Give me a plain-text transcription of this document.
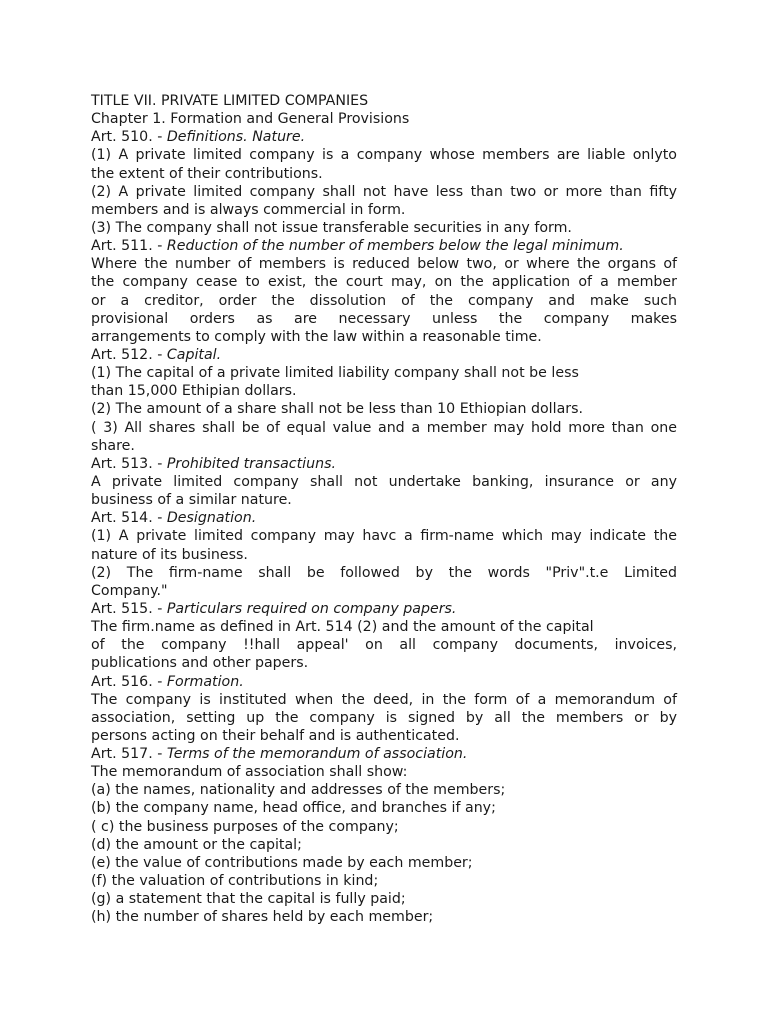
TITLE VII. PRIVATE LIMITED COMPANIES
Chapter 1. Formation and General Provisions
Art. 510. - Definitions. Nature.
(1) A private limited company is a company whose members are liable onlyto
the extent of their contributions.
(2) A private limited company shall not have less than two or more than fifty
members and is always commercial in form.
(3) The company shall not issue transferable securities in any form.
Art. 511. - Reduction of the number of members below the legal minimum.
Where the number of members is reduced below two, or where the organs of
the company cease to exist, the court may, on the application of a member
or a creditor, order the dissolution of the company and make such
provisional orders as are necessary unless the company makes
arrangements to comply with the law within a reasonable time.
Art. 512. - Capital.
(1) The capital of a private limited liability company shall not be less
than 15,000 Ethipian dollars.
(2) The amount of a share shall not be less than 10 Ethiopian dollars.
( 3) All shares shall be of equal value and a member may hold more than one
share.
Art. 513. - Prohibited transactiuns.
A private limited company shall not undertake banking, insurance or any
business of a similar nature.
Art. 514. - Designation.
(1) A private limited company may havc a firm-name which may indicate the
nature of its business.
(2) The firm-name shall be followed by the words "Priv".t.e Limited
Company."
Art. 515. - Particulars required on company papers.
The firm.name as defined in Art. 514 (2) and the amount of the capital
of the company !!hall appeal' on all company documents, invoices,
publications and other papers.
Art. 516. - Formation.
The company is instituted when the deed, in the form of a memorandum of
association, setting up the company is signed by all the members or by
persons acting on their behalf and is authenticated.
Art. 517. - Terms of the memorandum of association.
The memorandum of association shall show:
(a) the names, nationality and addresses of the members;
(b) the company name, head office, and branches if any;
( c) the business purposes of the company;
(d) the amount or the capital;
(e) the value of contributions made by each member;
(f) the valuation of contributions in kind;
(g) a statement that the capital is fully paid;
(h) the number of shares held by each member;
